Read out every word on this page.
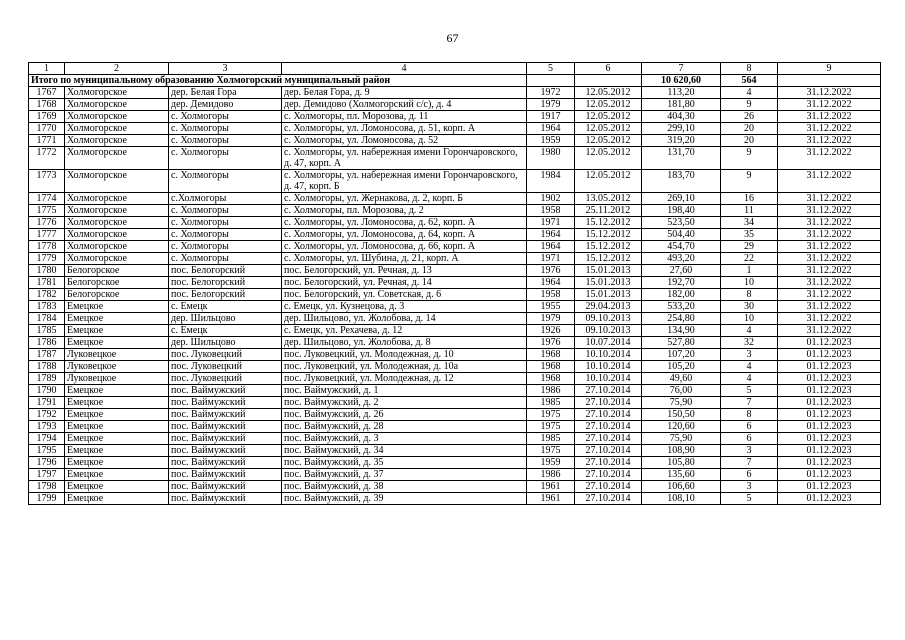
67
1	2	3	4	5	6	7	8	9
Итого по муниципальному образованию Холмогорский муниципальный район						10 620,60	564	
1767	Холмогорское	дер. Белая Гора	дер. Белая Гора, д. 9	1972	12.05.2012	113,20	4	31.12.2022
1768	Холмогорское	дер. Демидово	дер. Демидово (Холмогорский с/с), д. 4	1979	12.05.2012	181,80	9	31.12.2022
1769	Холмогорское	с. Холмогоры	с. Холмогоры, пл. Морозова, д. 11	1917	12.05.2012	404,30	26	31.12.2022
1770	Холмогорское	с. Холмогоры	с. Холмогоры, ул. Ломоносова, д. 51, корп. А	1964	12.05.2012	299,10	20	31.12.2022
1771	Холмогорское	с. Холмогоры	с. Холмогоры, ул. Ломоносова, д. 52	1959	12.05.2012	319,20	20	31.12.2022
1772	Холмогорское	с. Холмогоры	с. Холмогоры, ул. набережная имени Горончаровского, д. 47, корп. А	1980	12.05.2012	131,70	9	31.12.2022
1773	Холмогорское	с. Холмогоры	с. Холмогоры, ул. набережная имени Горончаровского, д. 47, корп. Б	1984	12.05.2012	183,70	9	31.12.2022
1774	Холмогорское	с.Холмогоры	с. Холмогоры, ул. Жернакова, д. 2, корп. Б	1902	13.05.2012	269,10	16	31.12.2022
1775	Холмогорское	с. Холмогоры	с. Холмогоры, пл. Морозова, д. 2	1958	25.11.2012	198,40	11	31.12.2022
1776	Холмогорское	с. Холмогоры	с. Холмогоры, ул. Ломоносова, д. 62, корп. А	1971	15.12.2012	523,50	34	31.12.2022
1777	Холмогорское	с. Холмогоры	с. Холмогоры, ул. Ломоносова, д. 64, корп. А	1964	15.12.2012	504,40	35	31.12.2022
1778	Холмогорское	с. Холмогоры	с. Холмогоры, ул. Ломоносова, д. 66, корп. А	1964	15.12.2012	454,70	29	31.12.2022
1779	Холмогорское	с. Холмогоры	с. Холмогоры, ул. Шубина, д. 21, корп. А	1971	15.12.2012	493,20	22	31.12.2022
1780	Белогорское	пос. Белогорский	пос. Белогорский, ул. Речная, д. 13	1976	15.01.2013	27,60	1	31.12.2022
1781	Белогорское	пос. Белогорский	пос. Белогорский, ул. Речная, д. 14	1964	15.01.2013	192,70	10	31.12.2022
1782	Белогорское	пос. Белогорский	пос. Белогорский, ул. Советская, д. 6	1958	15.01.2013	182,00	8	31.12.2022
1783	Емецкое	с. Емецк	с. Емецк, ул. Кузнецова, д. 3	1955	29.04.2013	533,20	30	31.12.2022
1784	Емецкое	дер. Шильцово	дер. Шильцово, ул. Жолобова, д. 14	1979	09.10.2013	254,80	10	31.12.2022
1785	Емецкое	с. Емецк	с. Емецк, ул. Рехачева, д. 12	1926	09.10.2013	134,90	4	31.12.2022
1786	Емецкое	дер. Шильцово	дер. Шильцово, ул. Жолобова, д. 8	1976	10.07.2014	527,80	32	01.12.2023
1787	Луковецкое	пос. Луковецкий	пос. Луковецкий, ул. Молодежная, д. 10	1968	10.10.2014	107,20	3	01.12.2023
1788	Луковецкое	пос. Луковецкий	пос. Луковецкий, ул. Молодежная, д. 10а	1968	10.10.2014	105,20	4	01.12.2023
1789	Луковецкое	пос. Луковецкий	пос. Луковецкий, ул. Молодежная, д. 12	1968	10.10.2014	49,60	4	01.12.2023
1790	Емецкое	пос. Ваймужский	пос. Ваймужский, д. 1	1986	27.10.2014	76,00	5	01.12.2023
1791	Емецкое	пос. Ваймужский	пос. Ваймужский, д. 2	1985	27.10.2014	75,90	7	01.12.2023
1792	Емецкое	пос. Ваймужский	пос. Ваймужский, д. 26	1975	27.10.2014	150,50	8	01.12.2023
1793	Емецкое	пос. Ваймужский	пос. Ваймужский, д. 28	1975	27.10.2014	120,60	6	01.12.2023
1794	Емецкое	пос. Ваймужский	пос. Ваймужский, д. 3	1985	27.10.2014	75,90	6	01.12.2023
1795	Емецкое	пос. Ваймужский	пос. Ваймужский, д. 34	1975	27.10.2014	108,90	3	01.12.2023
1796	Емецкое	пос. Ваймужский	пос. Ваймужский, д. 35	1959	27.10.2014	105,80	7	01.12.2023
1797	Емецкое	пос. Ваймужский	пос. Ваймужский, д. 37	1986	27.10.2014	135,60	6	01.12.2023
1798	Емецкое	пос. Ваймужский	пос. Ваймужский, д. 38	1961	27.10.2014	106,60	3	01.12.2023
1799	Емецкое	пос. Ваймужский	пос. Ваймужский, д. 39	1961	27.10.2014	108,10	5	01.12.2023
